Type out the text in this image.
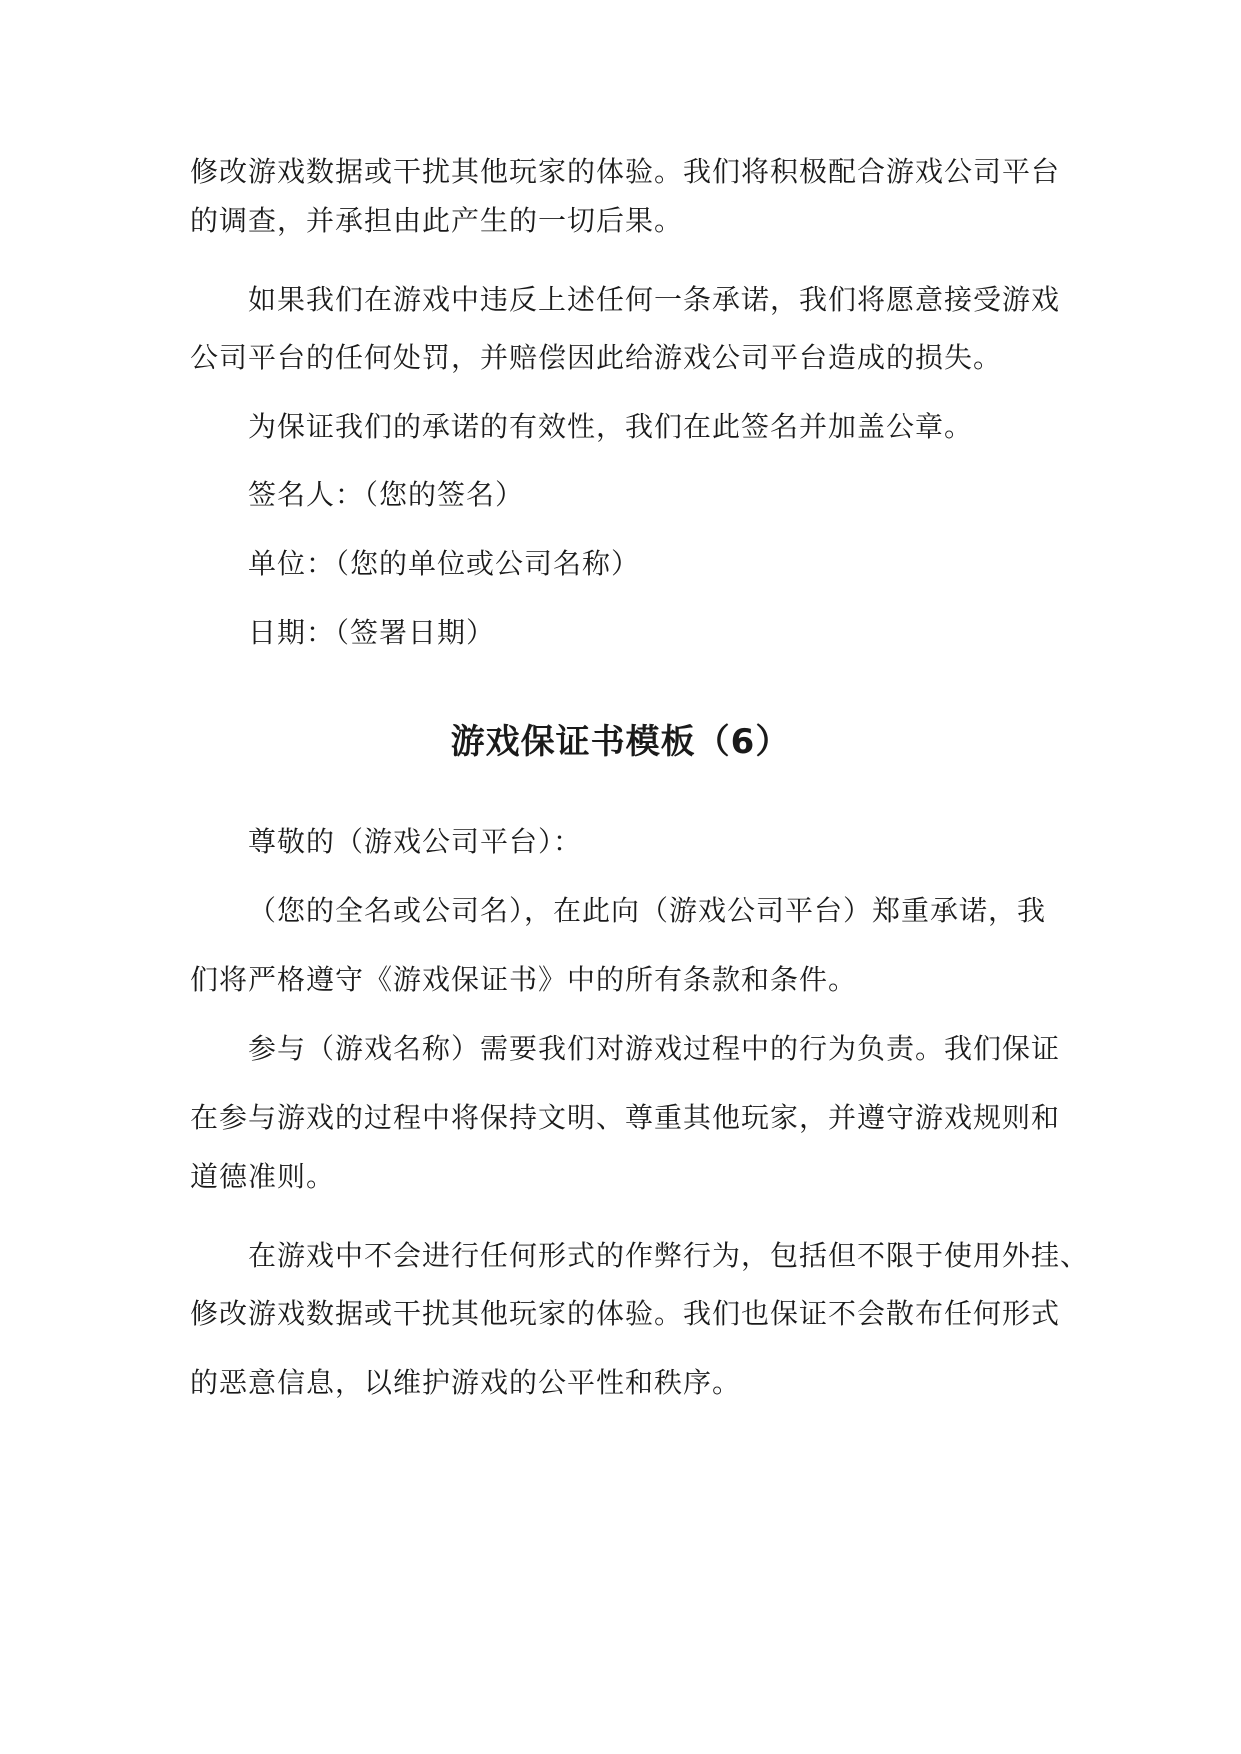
修改游戏数据或干扰其他玩家的体验。我们将积极配合游戏公司平台
的调查，并承担由此产生的一切后果。
如果我们在游戏中违反上述任何一条承诺，我们将愿意接受游戏
公司平台的任何处罚，并赔偿因此给游戏公司平台造成的损失。
为保证我们的承诺的有效性，我们在此签名并加盖公章。
签名人：（您的签名）
单位：（您的单位或公司名称）
日期：（签署日期）
游戏保证书模板（6）
尊敬的（游戏公司平台）：
（您的全名或公司名），在此向（游戏公司平台）郑重承诺，我
们将严格遵守《游戏保证书》中的所有条款和条件。
参与（游戏名称）需要我们对游戏过程中的行为负责。我们保证
在参与游戏的过程中将保持文明、尊重其他玩家，并遵守游戏规则和
道德准则。
在游戏中不会进行任何形式的作弊行为，包括但不限于使用外挂、
修改游戏数据或干扰其他玩家的体验。我们也保证不会散布任何形式
的恶意信息，以维护游戏的公平性和秩序。
